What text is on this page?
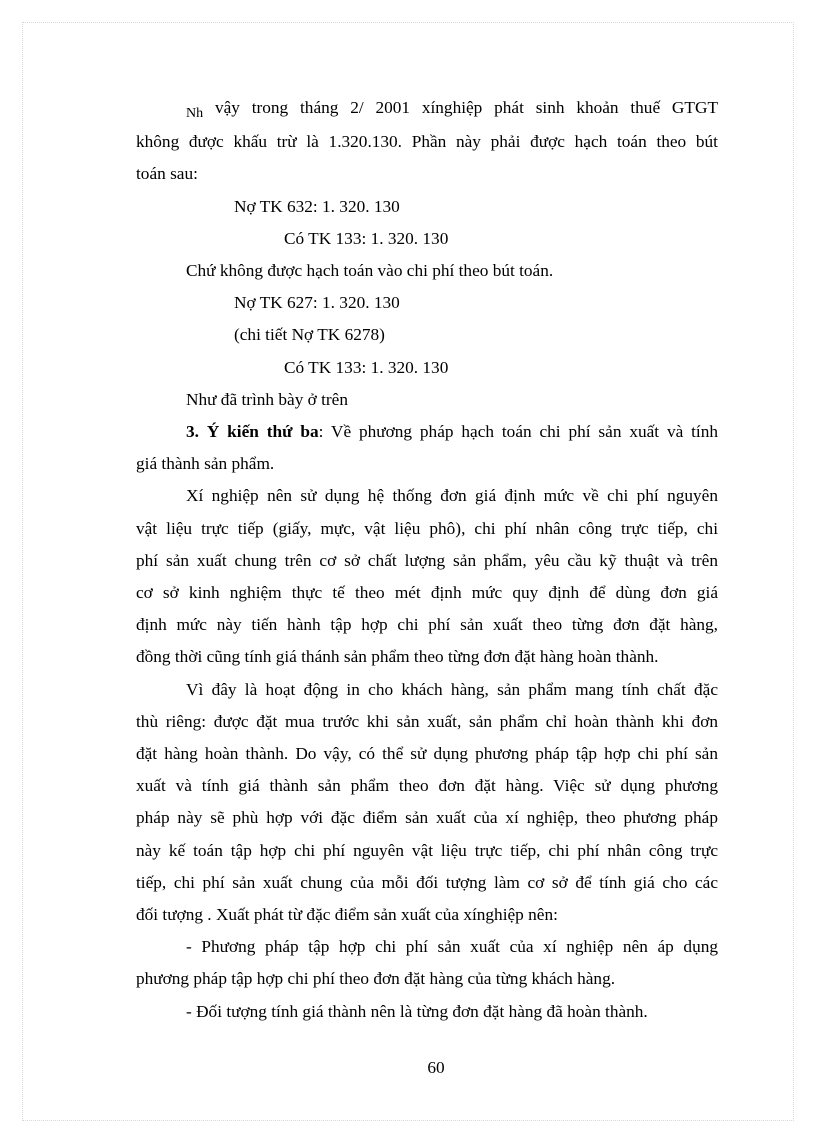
$_{Nh}$ vậy trong tháng 2/ 2001 xínghiệp phát sinh khoản thuế GTGT
không được khấu trừ là 1.320.130. Phần này phải được hạch toán theo bút
toán sau:
Nợ TK 632: 1. 320. 130
Có TK 133: 1. 320. 130
Chứ không được hạch toán vào chi phí theo bút toán.
Nợ TK 627: 1. 320. 130
(chi tiết Nợ TK 6278)
Có TK 133: 1. 320. 130
Như đã trình bày ở trên
3. Ý kiến thứ ba: Về phương pháp hạch toán chi phí sản xuất và tính
giá thành sản phẩm.
Xí nghiệp nên sử dụng hệ thống đơn giá định mức về chi phí nguyên
vật liệu trực tiếp (giấy, mực, vật liệu phô), chi phí nhân công trực tiếp, chi
phí sản xuất chung trên cơ sở chất lượng sản phẩm, yêu cầu kỹ thuật và trên
cơ sở kinh nghiệm thực tế theo mét định mức quy định để dùng đơn giá
định mức này tiến hành tập hợp chi phí sản xuất theo từng đơn đặt hàng,
đồng thời cũng tính giá thánh sản phẩm theo từng đơn đặt hàng hoàn thành.
Vì đây là hoạt động in cho khách hàng, sản phẩm mang tính chất đặc
thù riêng: được đặt mua trước khi sản xuất, sản phẩm chỉ hoàn thành khi đơn
đặt hàng hoàn thành. Do vậy, có thể sử dụng phương pháp tập hợp chi phí sản
xuất và tính giá thành sản phẩm theo đơn đặt hàng. Việc sử dụng phương
pháp này sẽ phù hợp với đặc điểm sản xuất của xí nghiệp, theo phương pháp
này kế toán tập hợp chi phí nguyên vật liệu trực tiếp, chi phí nhân công trực
tiếp, chi phí sản xuất chung của mỗi đối tượng làm cơ sở để tính giá cho các
đối tượng . Xuất phát từ đặc điểm sản xuất của xínghiệp nên:
- Phương pháp tập hợp chi phí sản xuất của xí nghiệp nên áp dụng
phương pháp tập hợp chi phí theo đơn đặt hàng của từng khách hàng.
- Đối tượng tính giá thành nên là từng đơn đặt hàng đã hoàn thành.
60
